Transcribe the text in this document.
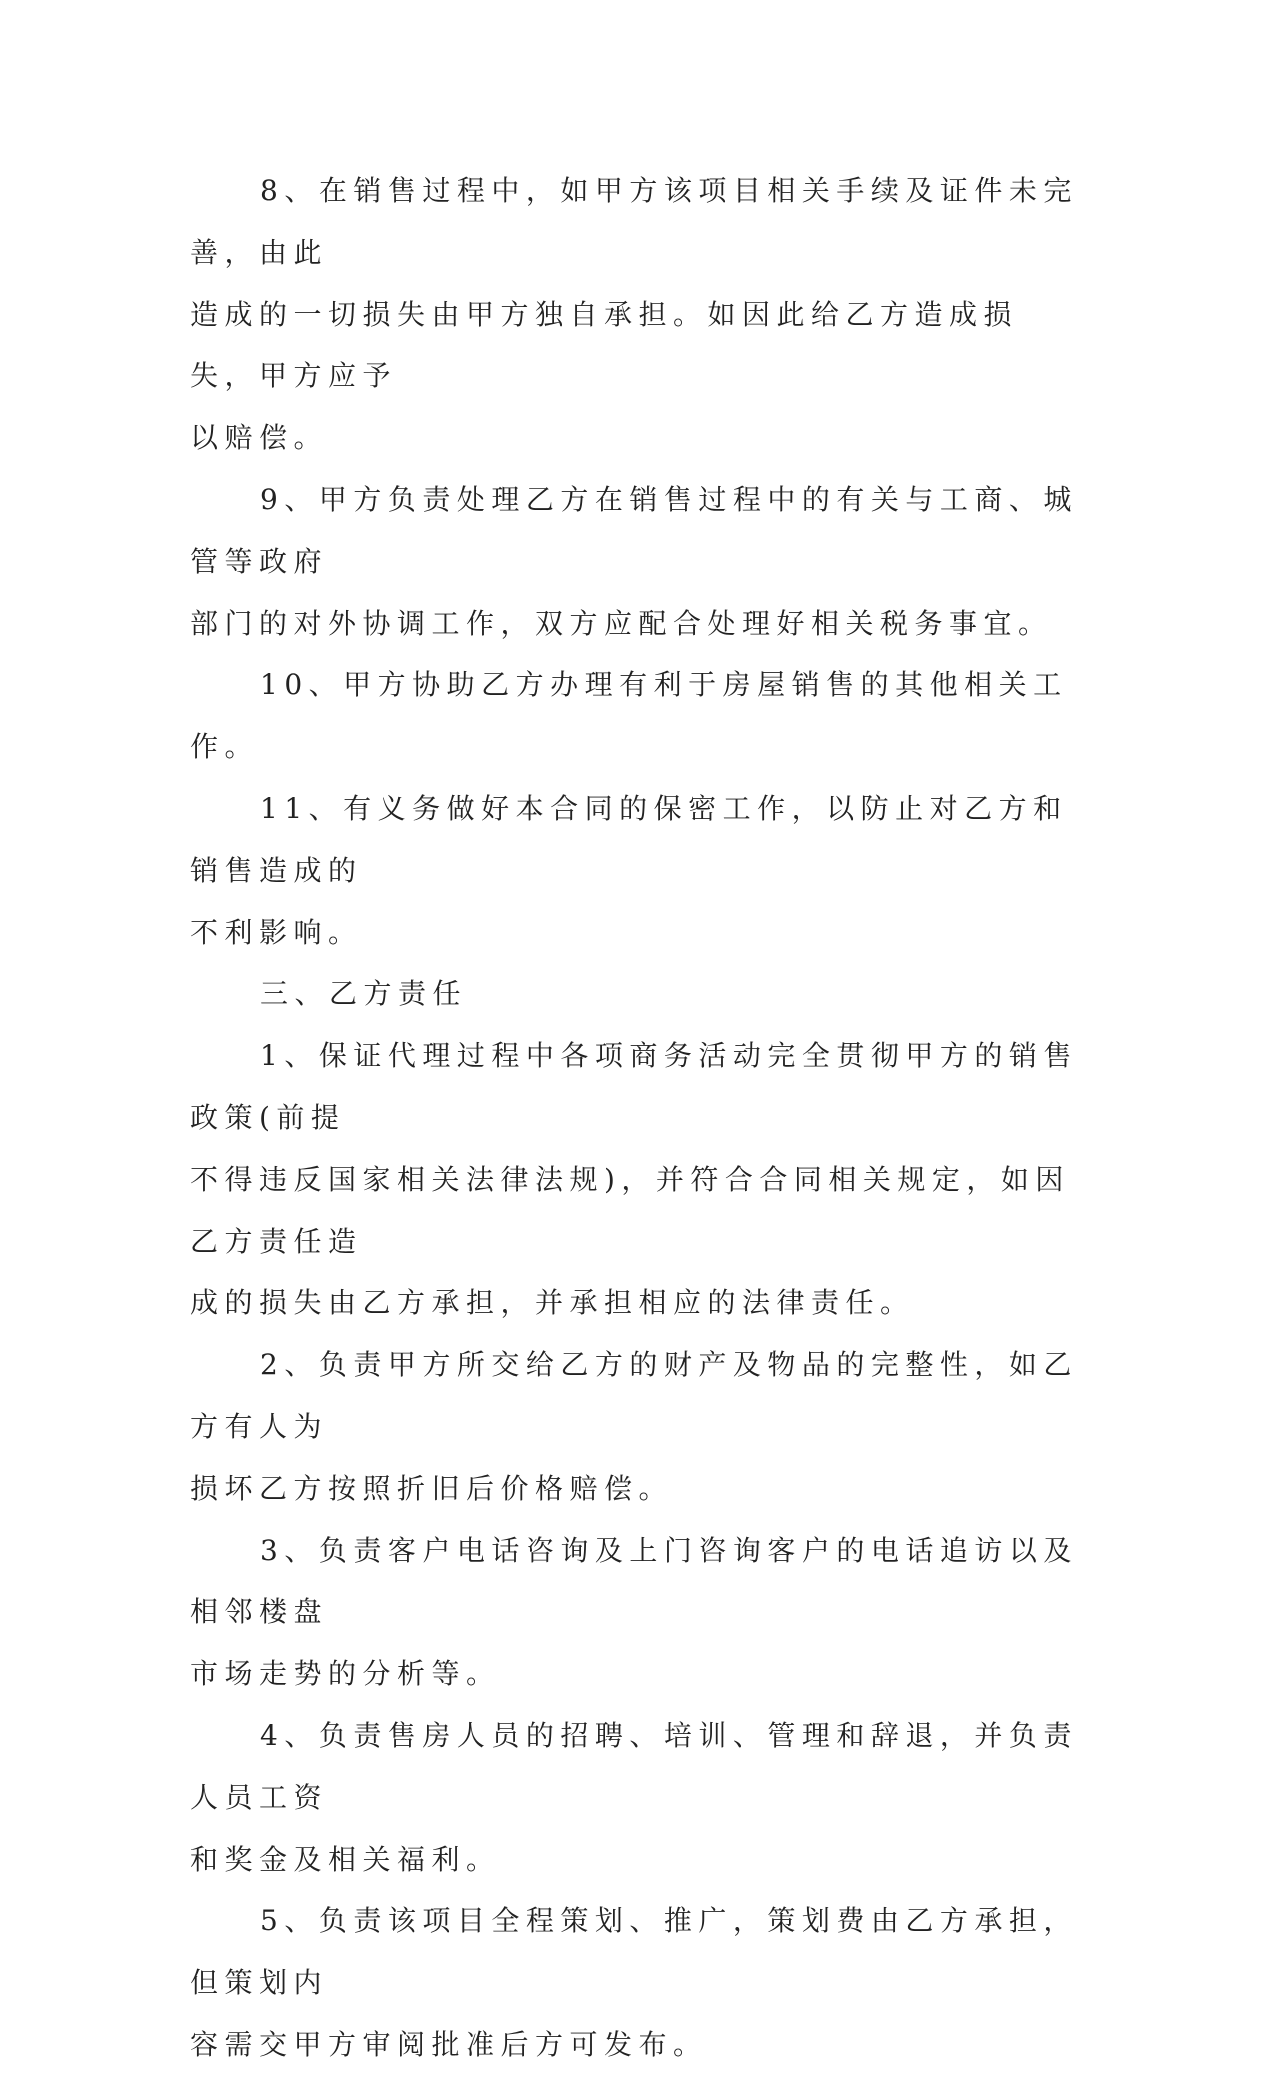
8、在销售过程中，如甲方该项目相关手续及证件未完善，由此
造成的一切损失由甲方独自承担。如因此给乙方造成损失，甲方应予
以赔偿。

9、甲方负责处理乙方在销售过程中的有关与工商、城管等政府
部门的对外协调工作，双方应配合处理好相关税务事宜。

10、甲方协助乙方办理有利于房屋销售的其他相关工作。

11、有义务做好本合同的保密工作，以防止对乙方和销售造成的
不利影响。

三、乙方责任

1、保证代理过程中各项商务活动完全贯彻甲方的销售政策(前提
不得违反国家相关法律法规)，并符合合同相关规定，如因乙方责任造
成的损失由乙方承担，并承担相应的法律责任。

2、负责甲方所交给乙方的财产及物品的完整性，如乙方有人为
损坏乙方按照折旧后价格赔偿。

3、负责客户电话咨询及上门咨询客户的电话追访以及相邻楼盘
市场走势的分析等。

4、负责售房人员的招聘、培训、管理和辞退，并负责人员工资
和奖金及相关福利。

5、负责该项目全程策划、推广，策划费由乙方承担，但策划内
容需交甲方审阅批准后方可发布。
